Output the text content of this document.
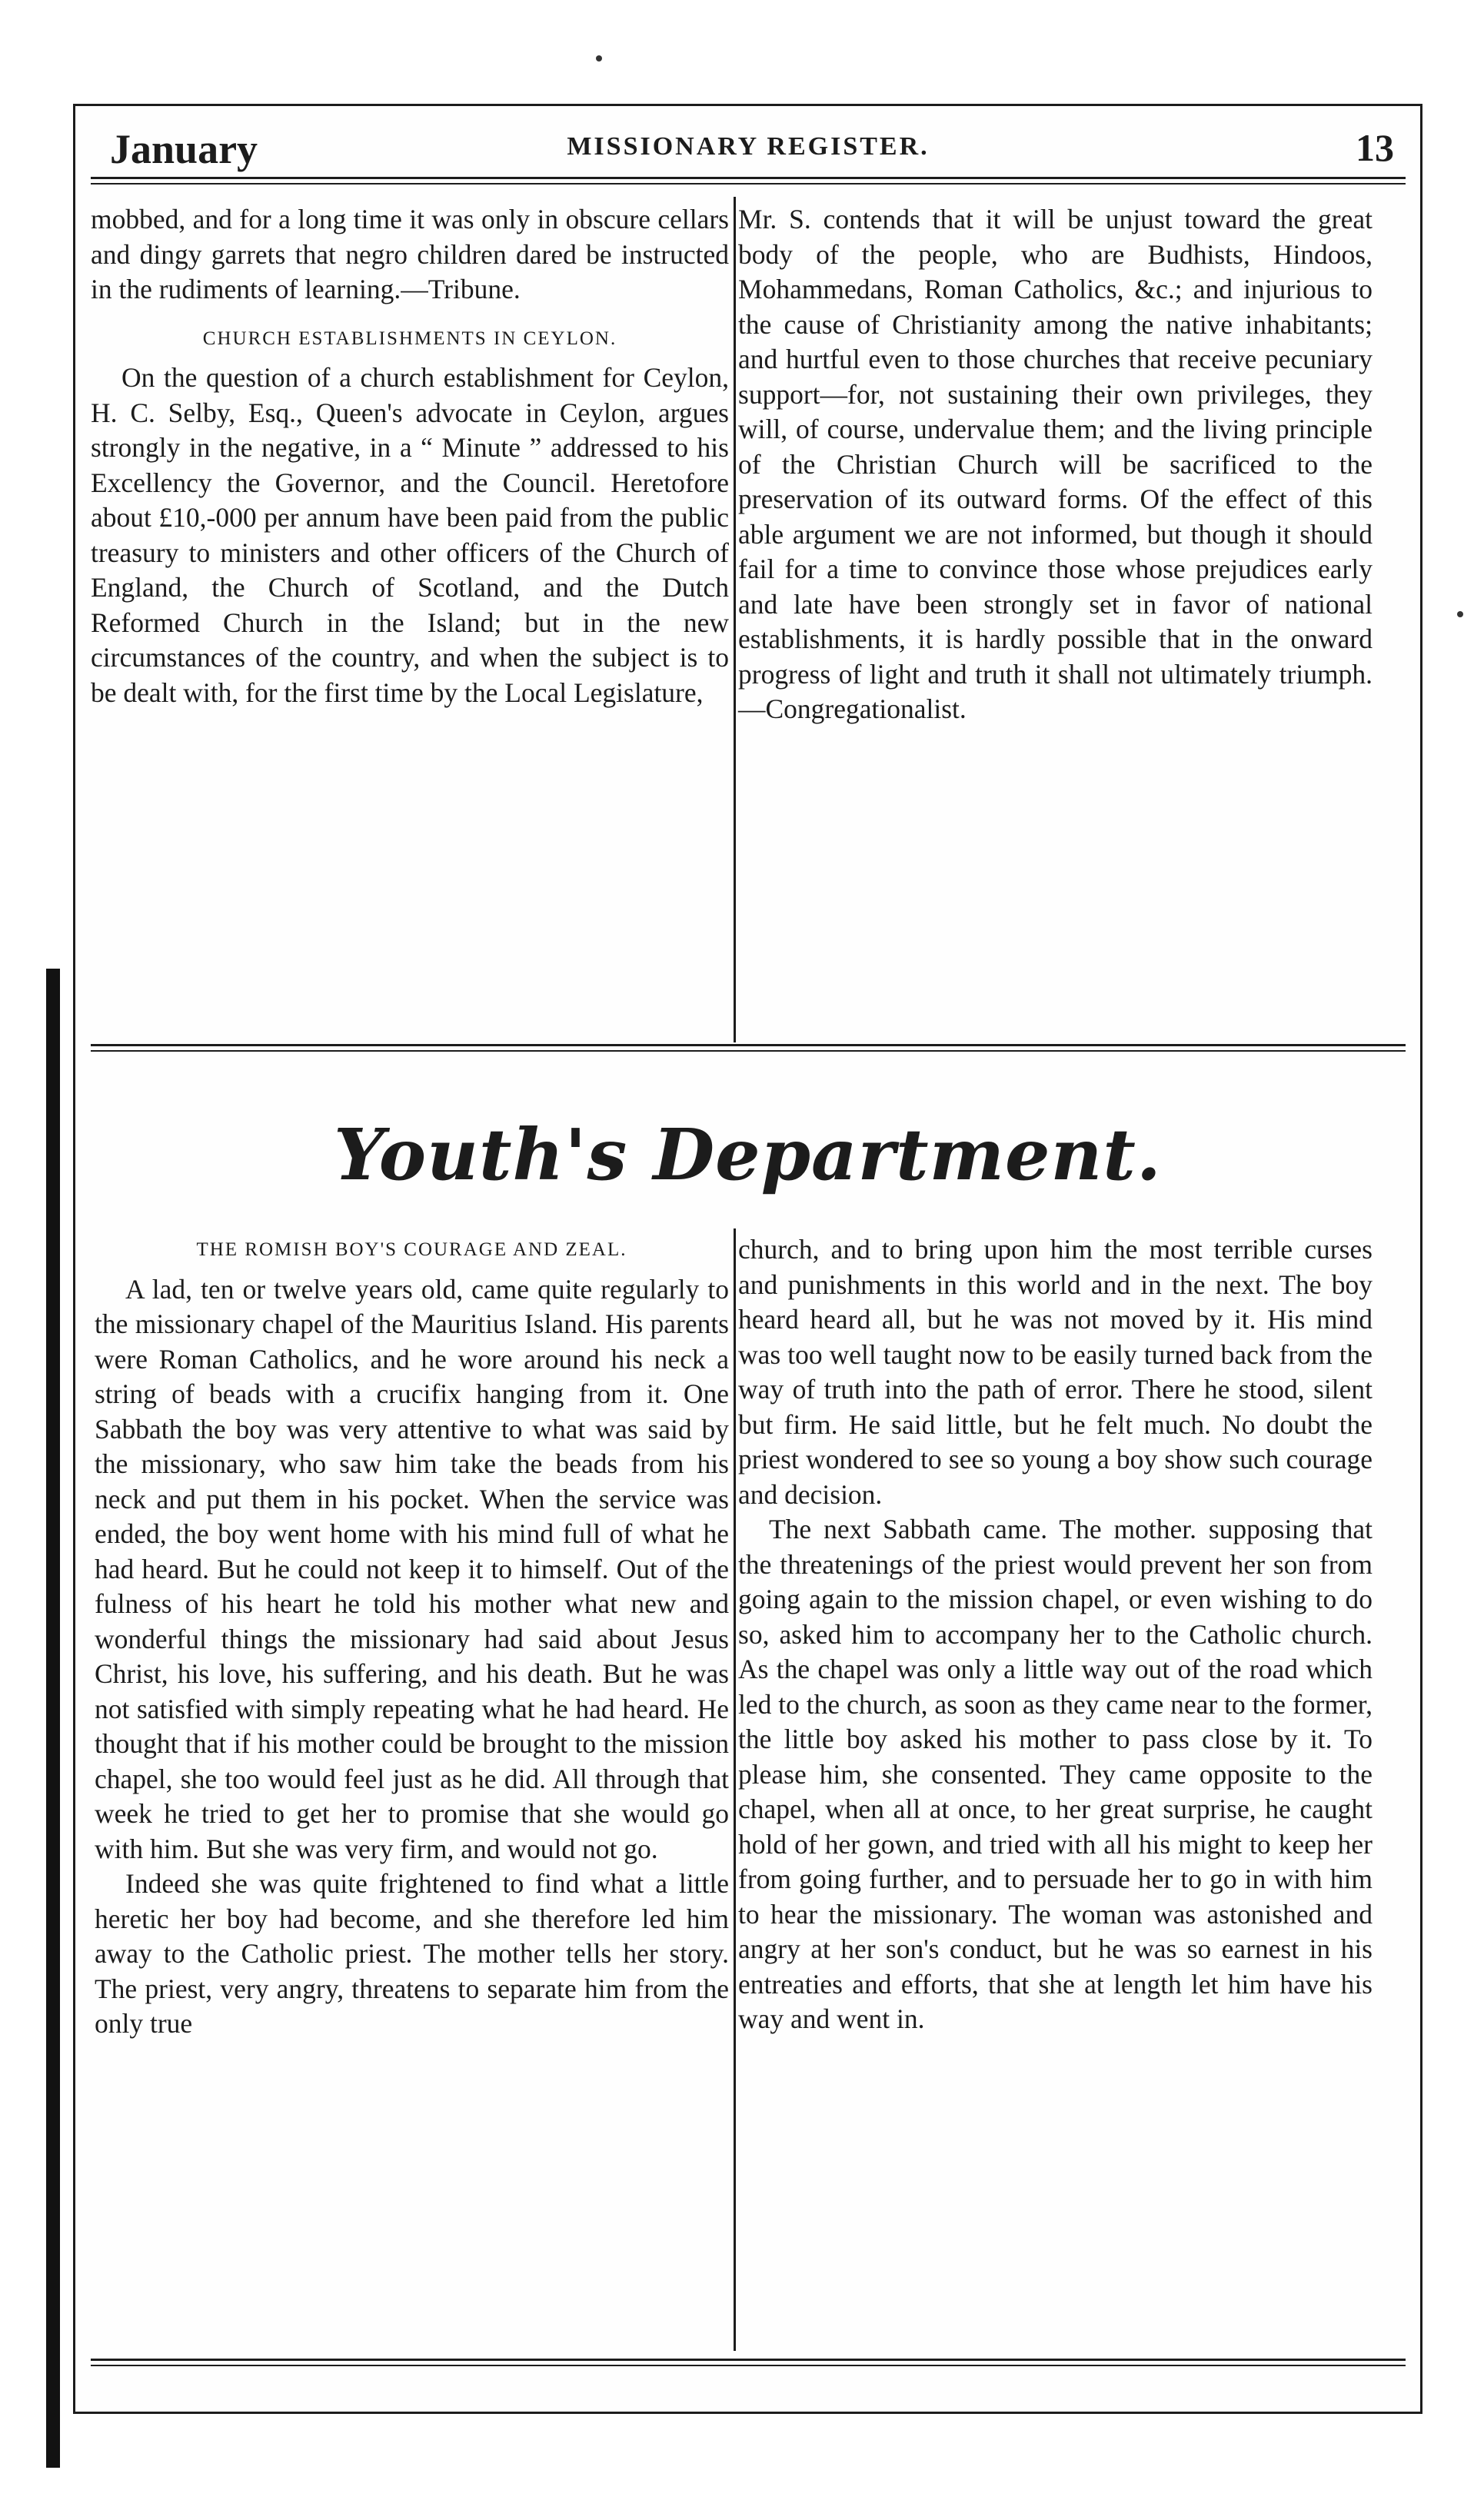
January	MISSIONARY REGISTER.	13

mobbed, and for a long time it was only in obscure cellars and dingy garrets that negro children dared be instructed in the rudiments of learning.—Tribune.

CHURCH ESTABLISHMENTS IN CEYLON.

On the question of a church establishment for Ceylon, H. C. Selby, Esq., Queen's advocate in Ceylon, argues strongly in the negative, in a “ Minute ” addressed to his Excellency the Governor, and the Council. Heretofore about £10,-000 per annum have been paid from the public treasury to ministers and other officers of the Church of England, the Church of Scotland, and the Dutch Reformed Church in the Island; but in the new circumstances of the country, and when the subject is to be dealt with, for the first time by the Local Legislature,

Mr. S. contends that it will be unjust toward the great body of the people, who are Budhists, Hindoos, Mohammedans, Roman Catholics, &c.; and injurious to the cause of Christianity among the native inhabitants; and hurtful even to those churches that receive pecuniary support—for, not sustaining their own privileges, they will, of course, undervalue them; and the living principle of the Christian Church will be sacrificed to the preservation of its outward forms. Of the effect of this able argument we are not informed, but though it should fail for a time to convince those whose prejudices early and late have been strongly set in favor of national establishments, it is hardly possible that in the onward progress of light and truth it shall not ultimately triumph.—Congregationalist.

Youth's Department.
THE ROMISH BOY'S COURAGE AND ZEAL.

A lad, ten or twelve years old, came quite regularly to the missionary chapel of the Mauritius Island. His parents were Roman Catholics, and he wore around his neck a string of beads with a crucifix hanging from it. One Sabbath the boy was very attentive to what was said by the missionary, who saw him take the beads from his neck and put them in his pocket. When the service was ended, the boy went home with his mind full of what he had heard. But he could not keep it to himself. Out of the fulness of his heart he told his mother what new and wonderful things the missionary had said about Jesus Christ, his love, his suffering, and his death. But he was not satisfied with simply repeating what he had heard. He thought that if his mother could be brought to the mission chapel, she too would feel just as he did. All through that week he tried to get her to promise that she would go with him. But she was very firm, and would not go.

Indeed she was quite frightened to find what a little heretic her boy had become, and she therefore led him away to the Catholic priest. The mother tells her story. The priest, very angry, threatens to separate him from the only true

church, and to bring upon him the most terrible curses and punishments in this world and in the next. The boy heard heard all, but he was not moved by it. His mind was too well taught now to be easily turned back from the way of truth into the path of error. There he stood, silent but firm. He said little, but he felt much. No doubt the priest wondered to see so young a boy show such courage and decision.

The next Sabbath came. The mother. supposing that the threatenings of the priest would prevent her son from going again to the mission chapel, or even wishing to do so, asked him to accompany her to the Catholic church. As the chapel was only a little way out of the road which led to the church, as soon as they came near to the former, the little boy asked his mother to pass close by it. To please him, she consented. They came opposite to the chapel, when all at once, to her great surprise, he caught hold of her gown, and tried with all his might to keep her from going further, and to persuade her to go in with him to hear the missionary. The woman was astonished and angry at her son's conduct, but he was so earnest in his entreaties and efforts, that she at length let him have his way and went in.
